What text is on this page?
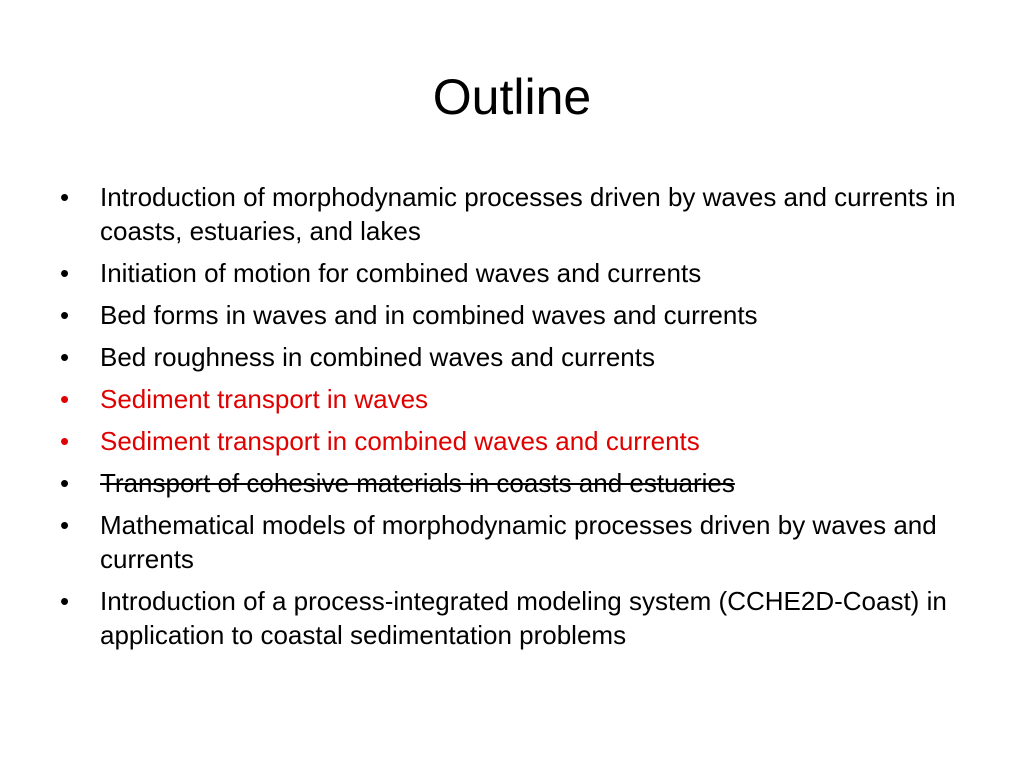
Outline
•	Introduction of morphodynamic processes driven by waves and currents in coasts, estuaries, and lakes
•	Initiation of motion for combined waves and currents
•	Bed forms in waves and in combined waves and currents
•	Bed roughness in combined waves and currents
•	Sediment transport in waves
•	Sediment transport in combined waves and currents
•	Transport of cohesive materials in coasts and estuaries
•	Mathematical models of morphodynamic processes driven by waves and currents
•	Introduction of a process-integrated modeling system (CCHE2D-Coast) in application to coastal sedimentation problems
